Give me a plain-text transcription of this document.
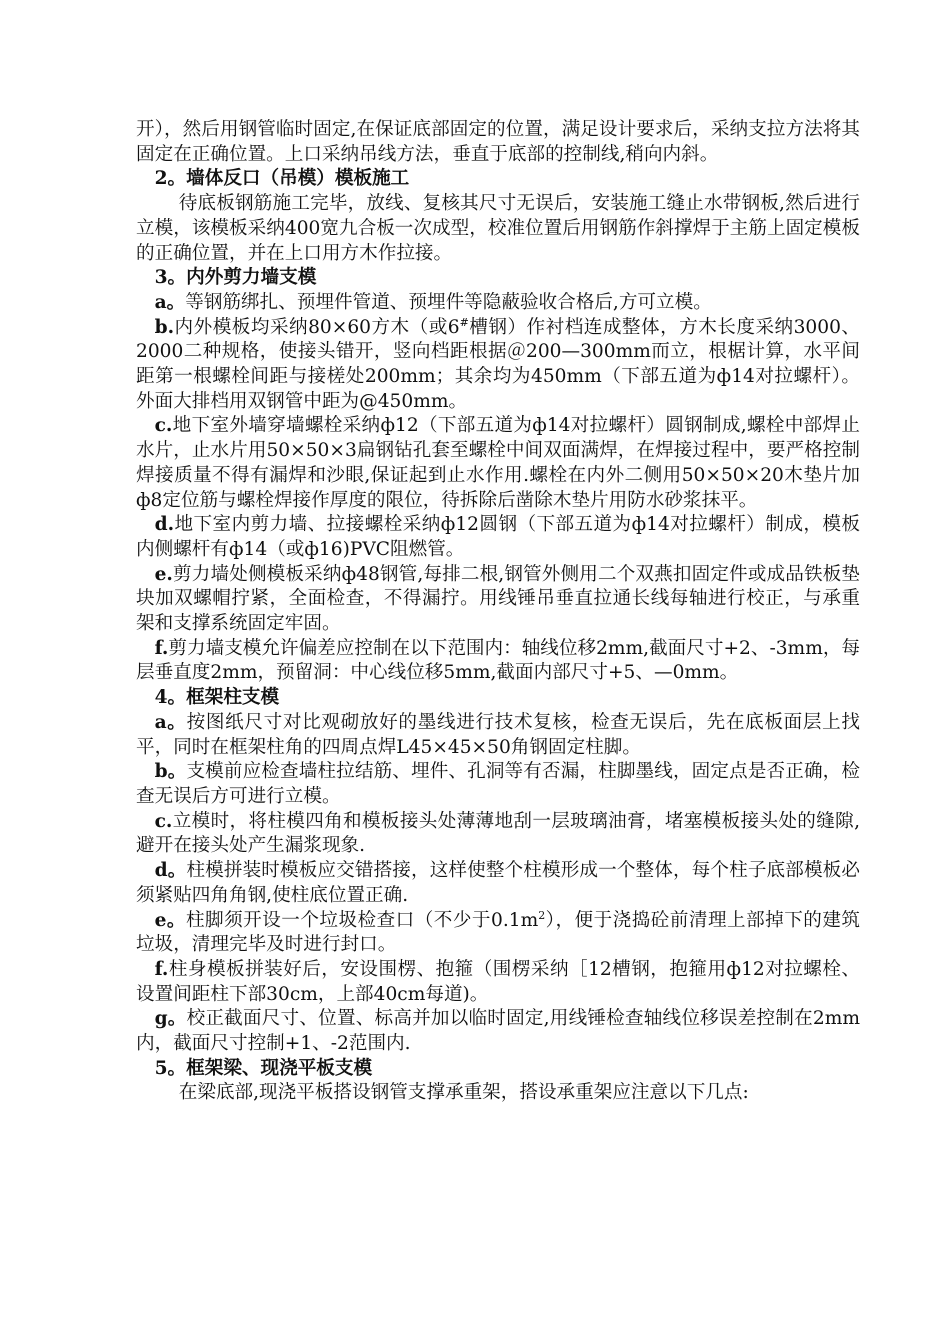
开），然后用钢管临时固定,在保证底部固定的位置，满足设计要求后，采纳支拉方法将其固定在正确位置。上口采纳吊线方法，垂直于底部的控制线,稍向内斜。

2。墙体反口（吊模）模板施工

待底板钢筋施工完毕，放线、复核其尺寸无误后，安装施工缝止水带钢板,然后进行立模，该模板采纳400宽九合板一次成型，校准位置后用钢筋作斜撑焊于主筋上固定模板的正确位置，并在上口用方木作拉接。

3。内外剪力墙支模

a。等钢筋绑扎、预埋件管道、预埋件等隐蔽验收合格后,方可立模。

b.内外模板均采纳80×60方木（或6#槽钢）作衬档连成整体，方木长度采纳3000、2000二种规格，使接头错开，竖向档距根据＠200—300mm而立，根椐计算，水平间距第一根螺栓间距与接槎处200mm；其余均为450mm（下部五道为ф14对拉螺杆）。外面大排档用双钢管中距为@450mm。

c.地下室外墙穿墙螺栓采纳ф12（下部五道为ф14对拉螺杆）圆钢制成,螺栓中部焊止水片，止水片用50×50×3扁钢钻孔套至螺栓中间双面满焊，在焊接过程中，要严格控制焊接质量不得有漏焊和沙眼,保证起到止水作用.螺栓在内外二侧用50×50×20木垫片加ф8定位筋与螺栓焊接作厚度的限位，待拆除后凿除木垫片用防水砂浆抹平。

d.地下室内剪力墙、拉接螺栓采纳ф12圆钢（下部五道为ф14对拉螺杆）制成，模板内侧螺杆有ф14（或ф16)PVC阻燃管。

e.剪力墙处侧模板采纳ф48钢管,每排二根,钢管外侧用二个双燕扣固定件或成品铁板垫块加双螺帽拧紧，全面检查，不得漏拧。用线锤吊垂直拉通长线每轴进行校正，与承重架和支撑系统固定牢固。

f.剪力墙支模允许偏差应控制在以下范围内：轴线位移2mm,截面尺寸+2、-3mm，每层垂直度2mm，预留洞：中心线位移5mm,截面内部尺寸+5、—0mm。

4。框架柱支模

a。按图纸尺寸对比观砌放好的墨线进行技术复核，检查无误后，先在底板面层上找平，同时在框架柱角的四周点焊L45×45×50角钢固定柱脚。

b。支模前应检查墙柱拉结筋、埋件、孔洞等有否漏，柱脚墨线，固定点是否正确，检查无误后方可进行立模。

c.立模时，将柱模四角和模板接头处薄薄地刮一层玻璃油膏，堵塞模板接头处的缝隙,避开在接头处产生漏浆现象.

d。柱模拼装时模板应交错搭接，这样使整个柱模形成一个整体，每个柱子底部模板必须紧贴四角角钢,使柱底位置正确.

e。柱脚须开设一个垃圾检查口（不少于$0.1m^2$），便于浇捣砼前清理上部掉下的建筑垃圾，清理完毕及时进行封口。

f.柱身模板拼装好后，安设围楞、抱箍（围楞采纳［12槽钢，抱箍用ф12对拉螺栓、设置间距柱下部30cm，上部40cm每道)。

g。校正截面尺寸、位置、标高并加以临时固定,用线锤检查轴线位移误差控制在2mm内，截面尺寸控制+1、-2范围内.

5。框架梁、现浇平板支模

在梁底部,现浇平板搭设钢管支撑承重架，搭设承重架应注意以下几点:
